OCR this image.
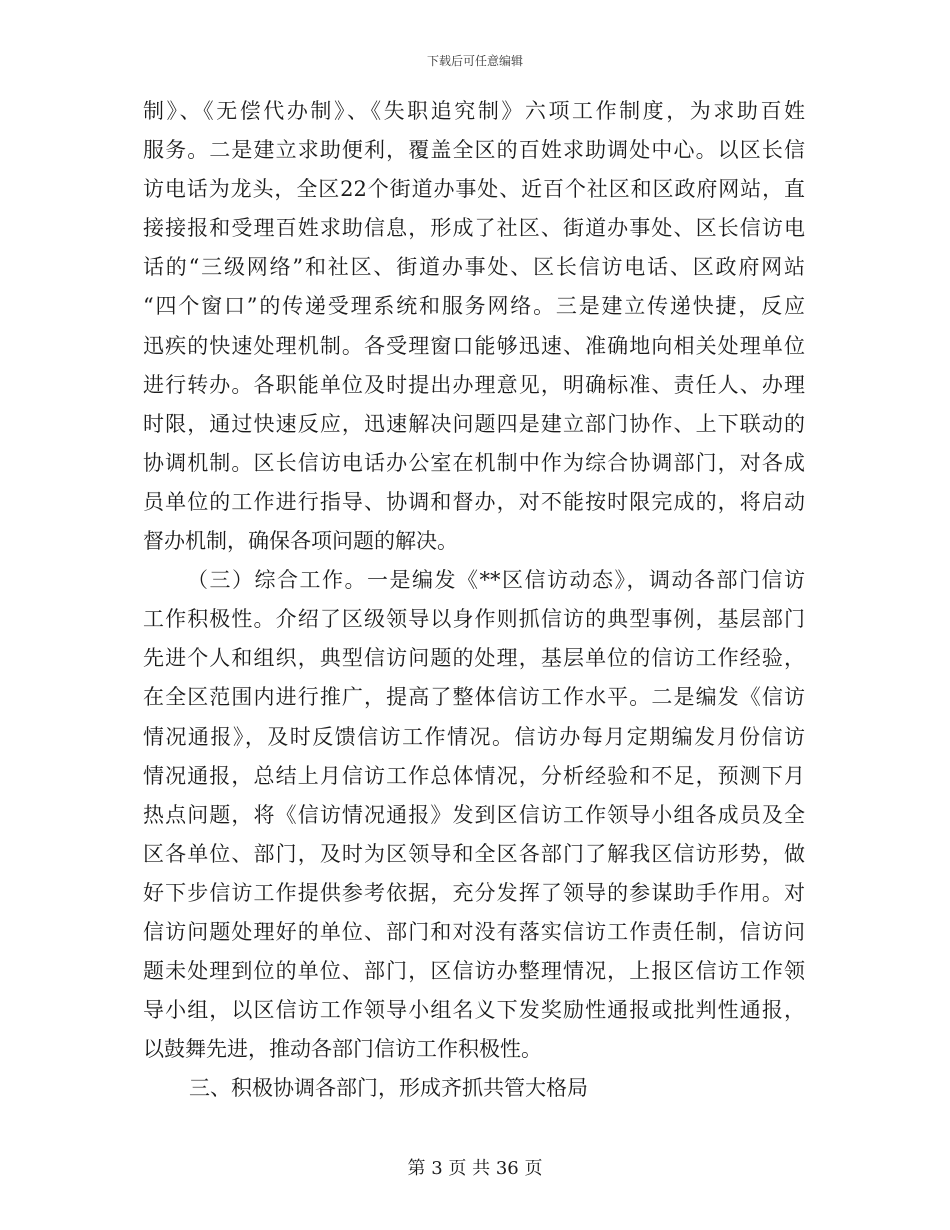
下载后可任意编辑
制》、《无偿代办制》、《失职追究制》六项工作制度，为求助百姓
服务。二是建立求助便利，覆盖全区的百姓求助调处中心。以区长信
访电话为龙头，全区22个街道办事处、近百个社区和区政府网站，直
接接报和受理百姓求助信息，形成了社区、街道办事处、区长信访电
话的“三级网络”和社区、街道办事处、区长信访电话、区政府网站
“四个窗口”的传递受理系统和服务网络。三是建立传递快捷，反应
迅疾的快速处理机制。各受理窗口能够迅速、准确地向相关处理单位
进行转办。各职能单位及时提出办理意见，明确标准、责任人、办理
时限，通过快速反应，迅速解决问题四是建立部门协作、上下联动的
协调机制。区长信访电话办公室在机制中作为综合协调部门，对各成
员单位的工作进行指导、协调和督办，对不能按时限完成的，将启动
督办机制，确保各项问题的解决。
（三）综合工作。一是编发《**区信访动态》，调动各部门信访
工作积极性。介绍了区级领导以身作则抓信访的典型事例，基层部门
先进个人和组织，典型信访问题的处理，基层单位的信访工作经验，
在全区范围内进行推广，提高了整体信访工作水平。二是编发《信访
情况通报》，及时反馈信访工作情况。信访办每月定期编发月份信访
情况通报，总结上月信访工作总体情况，分析经验和不足，预测下月
热点问题，将《信访情况通报》发到区信访工作领导小组各成员及全
区各单位、部门，及时为区领导和全区各部门了解我区信访形势，做
好下步信访工作提供参考依据，充分发挥了领导的参谋助手作用。对
信访问题处理好的单位、部门和对没有落实信访工作责任制，信访问
题未处理到位的单位、部门，区信访办整理情况，上报区信访工作领
导小组，以区信访工作领导小组名义下发奖励性通报或批判性通报，
以鼓舞先进，推动各部门信访工作积极性。
三、积极协调各部门，形成齐抓共管大格局
第 3 页 共 36 页
